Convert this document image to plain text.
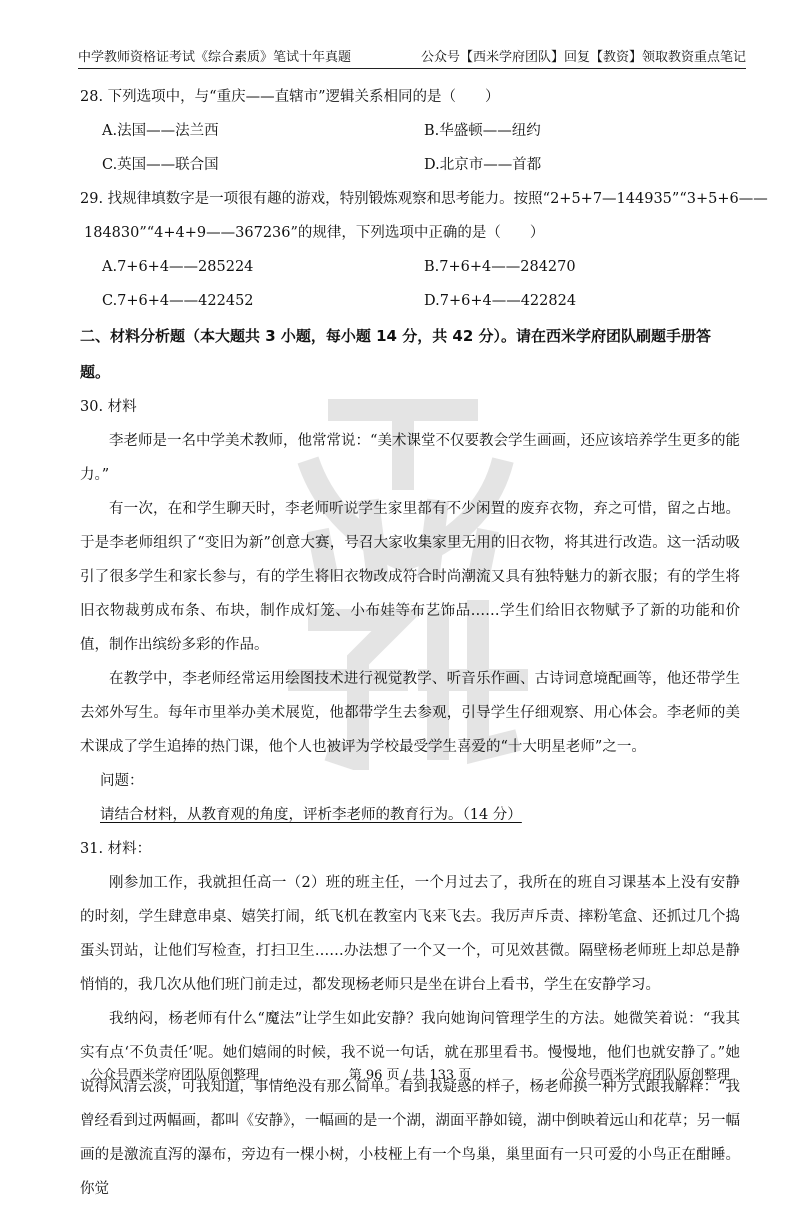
中学教师资格证考试《综合素质》笔试十年真题	公众号【西米学府团队】回复【教资】领取教资重点笔记
28. 下列选项中，与“重庆——直辖市”逻辑关系相同的是（　　）
A.法国——法兰西	B.华盛顿——纽约
C.英国——联合国	D.北京市——首都
29. 找规律填数字是一项很有趣的游戏，特别锻炼观察和思考能力。按照“2+5+7—144935”“3+5+6——
184830”“4+4+9——367236”的规律，下列选项中正确的是（　　）
A.7+6+4——285224	B.7+6+4——284270
C.7+6+4——422452	D.7+6+4——422824
二、材料分析题（本大题共 3 小题，每小题 14 分，共 42 分）。请在西米学府团队刷题手册答题。
30. 材料
李老师是一名中学美术教师，他常常说：“美术课堂不仅要教会学生画画，还应该培养学生更多的能力。”
有一次，在和学生聊天时，李老师听说学生家里都有不少闲置的废弃衣物，弃之可惜，留之占地。于是李老师组织了“变旧为新”创意大赛，号召大家收集家里无用的旧衣物，将其进行改造。这一活动吸引了很多学生和家长参与，有的学生将旧衣物改成符合时尚潮流又具有独特魅力的新衣服；有的学生将旧衣物裁剪成布条、布块，制作成灯笼、小布娃等布艺饰品……学生们给旧衣物赋予了新的功能和价值，制作出缤纷多彩的作品。
在教学中，李老师经常运用绘图技术进行视觉教学、听音乐作画、古诗词意境配画等，他还带学生去郊外写生。每年市里举办美术展览，他都带学生去参观，引导学生仔细观察、用心体会。李老师的美术课成了学生追捧的热门课，他个人也被评为学校最受学生喜爱的“十大明星老师”之一。
问题：
请结合材料，从教育观的角度，评析李老师的教育行为。（14 分）
31. 材料：
刚参加工作，我就担任高一（2）班的班主任，一个月过去了，我所在的班自习课基本上没有安静的时刻，学生肆意串桌、嬉笑打闹，纸飞机在教室内飞来飞去。我厉声斥责、摔粉笔盒、还抓过几个捣蛋头罚站，让他们写检查，打扫卫生……办法想了一个又一个，可见效甚微。隔壁杨老师班上却总是静悄悄的，我几次从他们班门前走过，都发现杨老师只是坐在讲台上看书，学生在安静学习。
我纳闷，杨老师有什么“魔法”让学生如此安静？我向她询问管理学生的方法。她微笑着说：“我其实有点‘不负责任’呢。她们嬉闹的时候，我不说一句话，就在那里看书。慢慢地，他们也就安静了。”她说得风清云淡，可我知道，事情绝没有那么简单。看到我疑惑的样子，杨老师换一种方式跟我解释：“我曾经看到过两幅画，都叫《安静》，一幅画的是一个湖，湖面平静如镜，湖中倒映着远山和花草；另一幅画的是激流直泻的瀑布，旁边有一棵小树，小枝桠上有一个鸟巢，巢里面有一只可爱的小鸟正在酣睡。你觉
公众号西米学府团队原创整理	第 96 页 / 共 133 页	公众号西米学府团队原创整理
